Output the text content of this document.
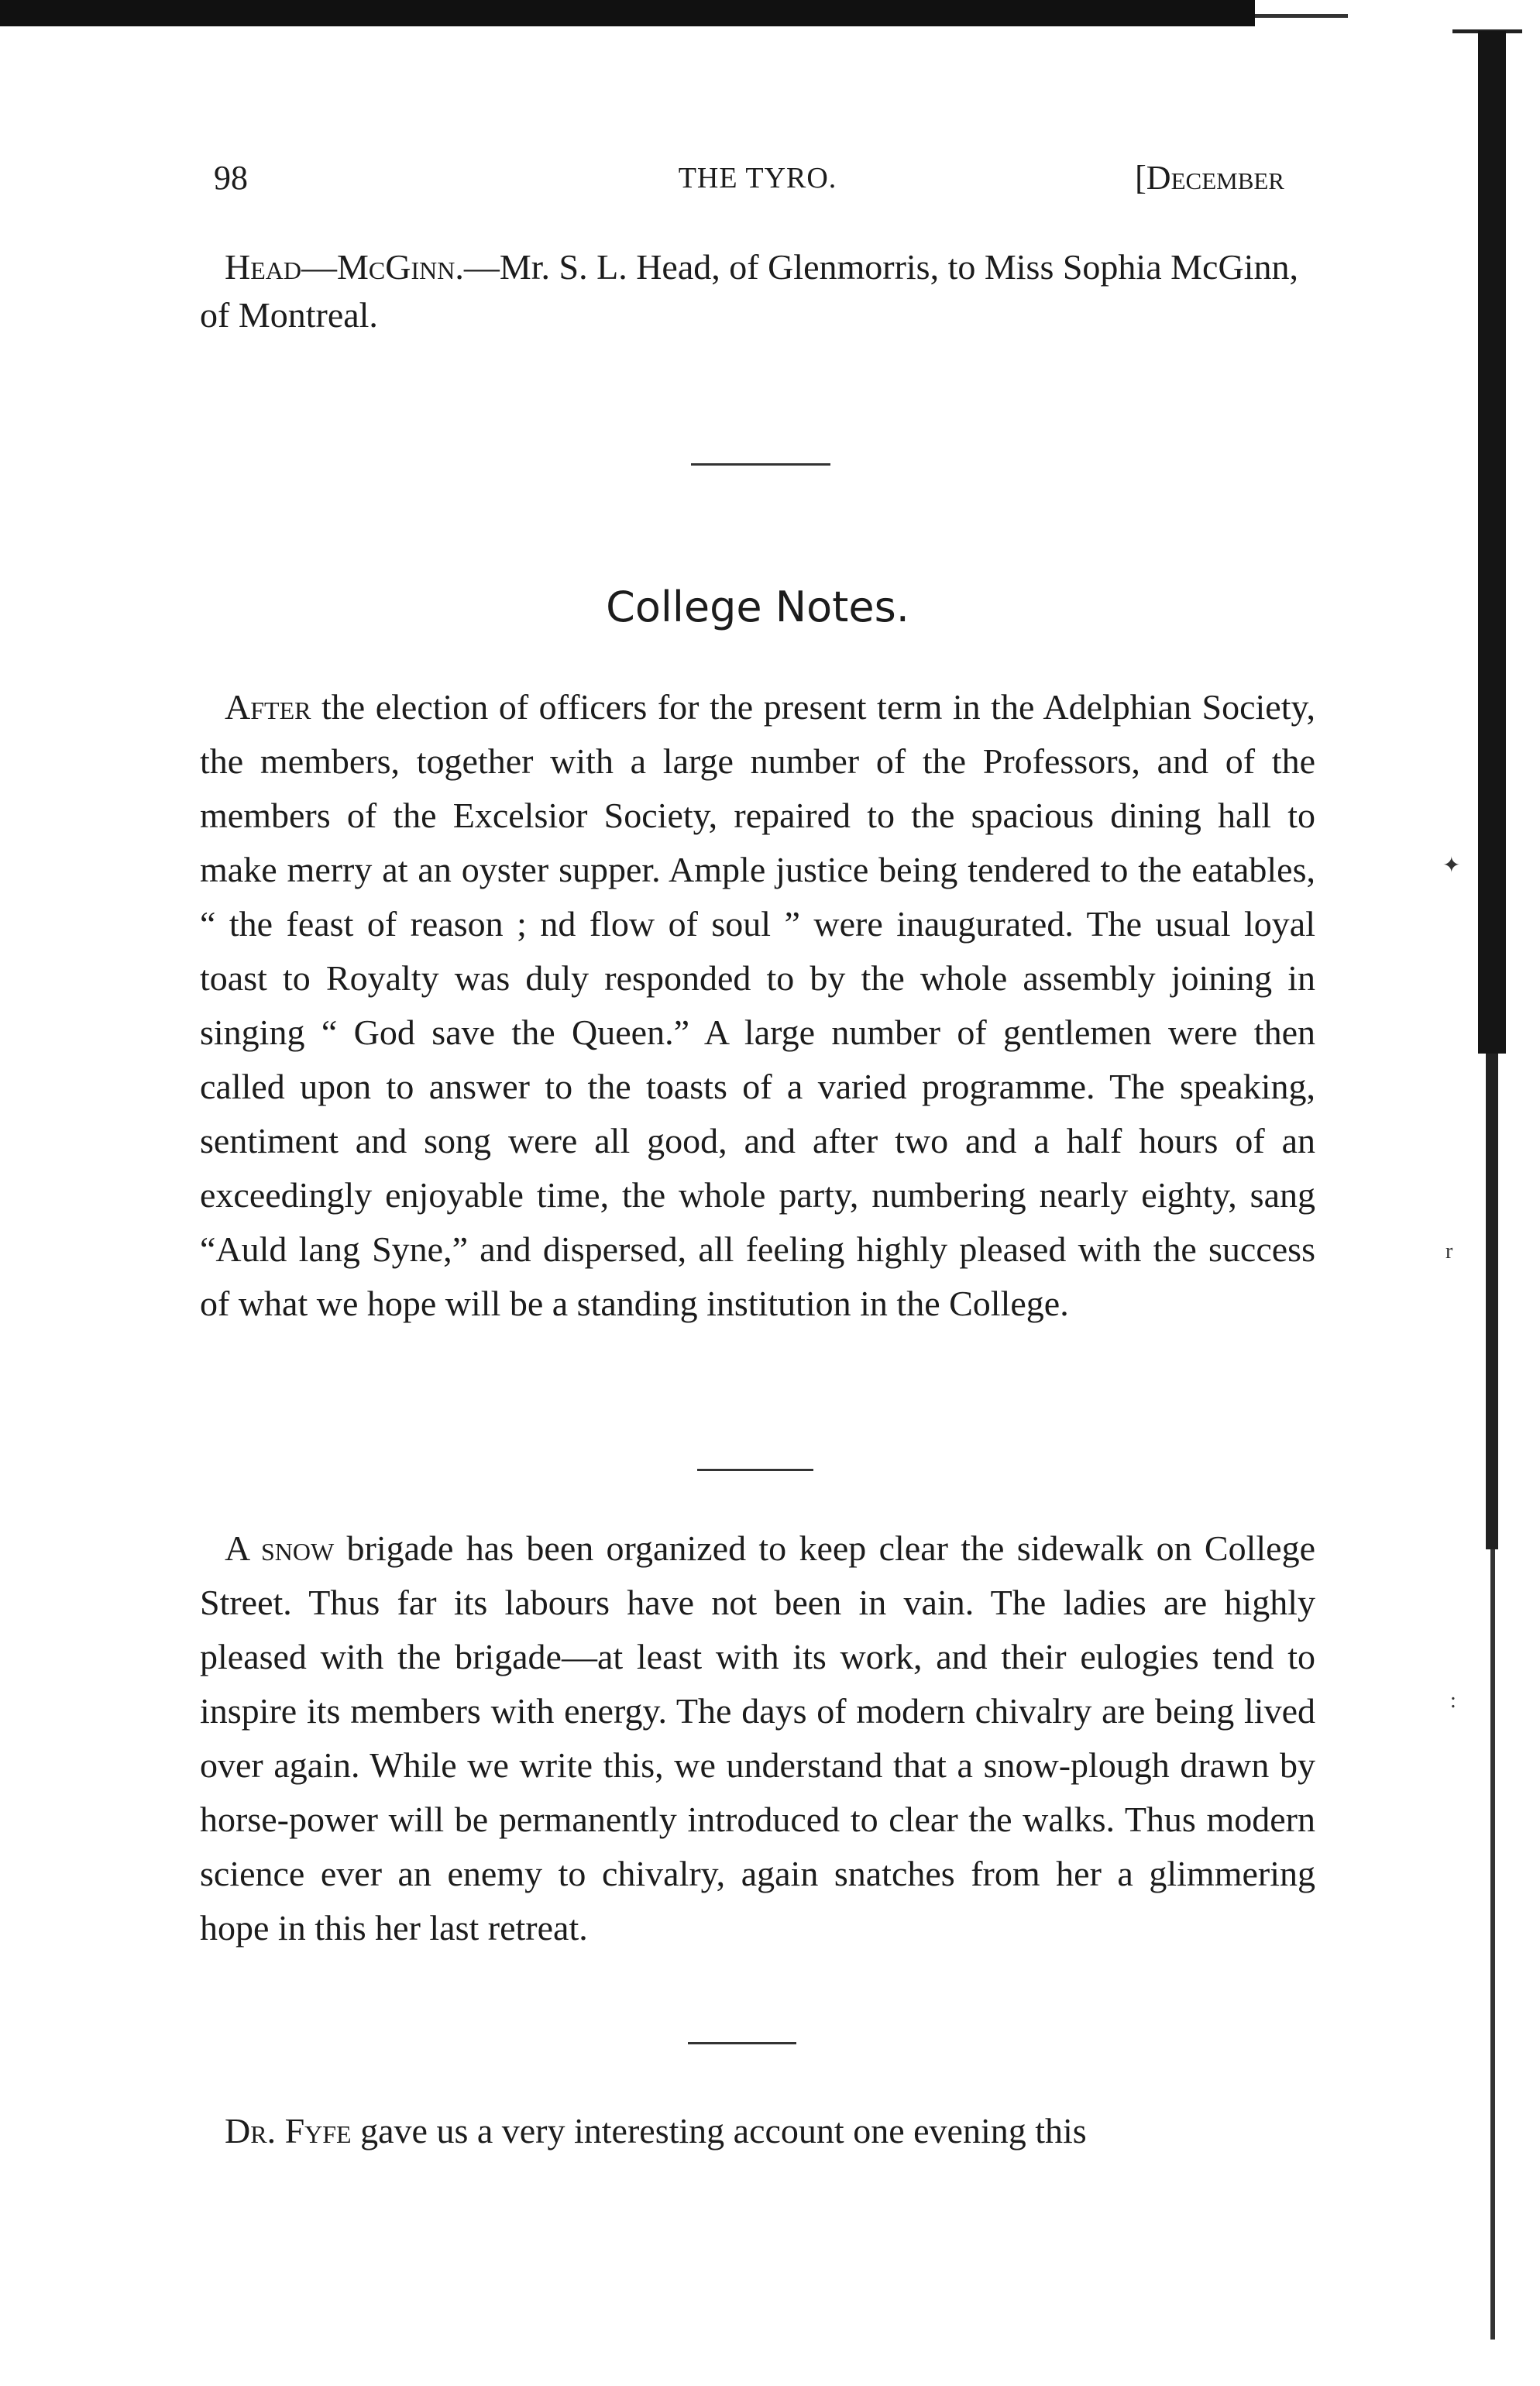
98	THE TYRO.	[December

Head—McGinn.—Mr. S. L. Head, of Glenmorris, to Miss Sophia McGinn, of Montreal.

College Notes.

After the election of officers for the present term in the Adelphian Society, the members, together with a large number of the Professors, and of the members of the Excelsior Society, repaired to the spacious dining hall to make merry at an oyster supper. Ample justice being tendered to the eatables, “ the feast of reason ; nd flow of soul ” were inaugurated. The usual loyal toast to Royalty was duly responded to by the whole assembly joining in singing “ God save the Queen.” A large number of gentlemen were then called upon to answer to the toasts of a varied programme. The speaking, sentiment and song were all good, and after two and a half hours of an exceedingly enjoyable time, the whole party, numbering nearly eighty, sang “Auld lang Syne,” and dispersed, all feeling highly pleased with the success of what we hope will be a standing institution in the College.

A snow brigade has been organized to keep clear the sidewalk on College Street. Thus far its labours have not been in vain. The ladies are highly pleased with the brigade—at least with its work, and their eulogies tend to inspire its members with energy. The days of modern chivalry are being lived over again. While we write this, we understand that a snow-plough drawn by horse-power will be permanently introduced to clear the walks. Thus modern science ever an enemy to chivalry, again snatches from her a glimmering hope in this her last retreat.

Dr. Fyfe gave us a very interesting account one evening this

✦
r
:
